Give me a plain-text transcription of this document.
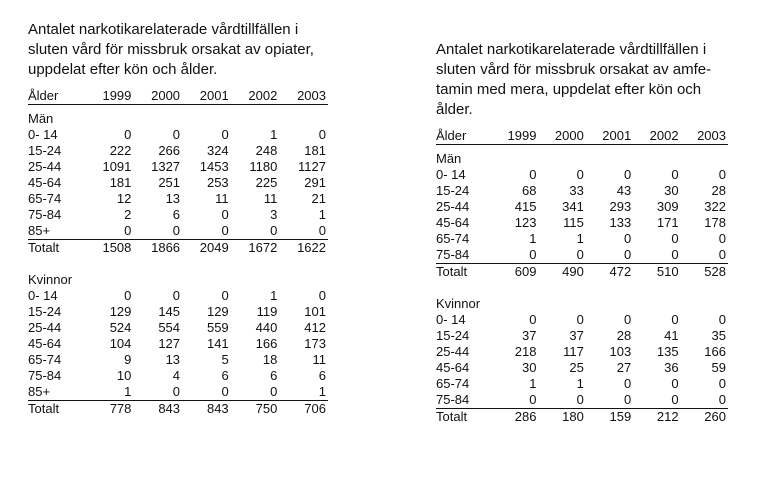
Antalet narkotikarelaterade vårdtillfällen i sluten vård för missbruk orsakat av opiater, uppdelat efter kön och ålder.

Ålder	1999	2000	2001	2002	2003
Män					
0- 14	0	0	0	1	0
15-24	222	266	324	248	181
25-44	1091	1327	1453	1180	1127
45-64	181	251	253	225	291
65-74	12	13	11	11	21
75-84	2	6	0	3	1
85+	0	0	0	0	0
Totalt	1508	1866	2049	1672	1622

Kvinnor					
0- 14	0	0	0	1	0
15-24	129	145	129	119	101
25-44	524	554	559	440	412
45-64	104	127	141	166	173
65-74	9	13	5	18	11
75-84	10	4	6	6	6
85+	1	0	0	0	1
Totalt	778	843	843	750	706

Antalet narkotikarelaterade vårdtillfällen i sluten vård för missbruk orsakat av amfe-tamin med mera, uppdelat efter kön och ålder.

Ålder	1999	2000	2001	2002	2003
Män					
0- 14	0	0	0	0	0
15-24	68	33	43	30	28
25-44	415	341	293	309	322
45-64	123	115	133	171	178
65-74	1	1	0	0	0
75-84	0	0	0	0	0
Totalt	609	490	472	510	528

Kvinnor					
0- 14	0	0	0	0	0
15-24	37	37	28	41	35
25-44	218	117	103	135	166
45-64	30	25	27	36	59
65-74	1	1	0	0	0
75-84	0	0	0	0	0
Totalt	286	180	159	212	260
